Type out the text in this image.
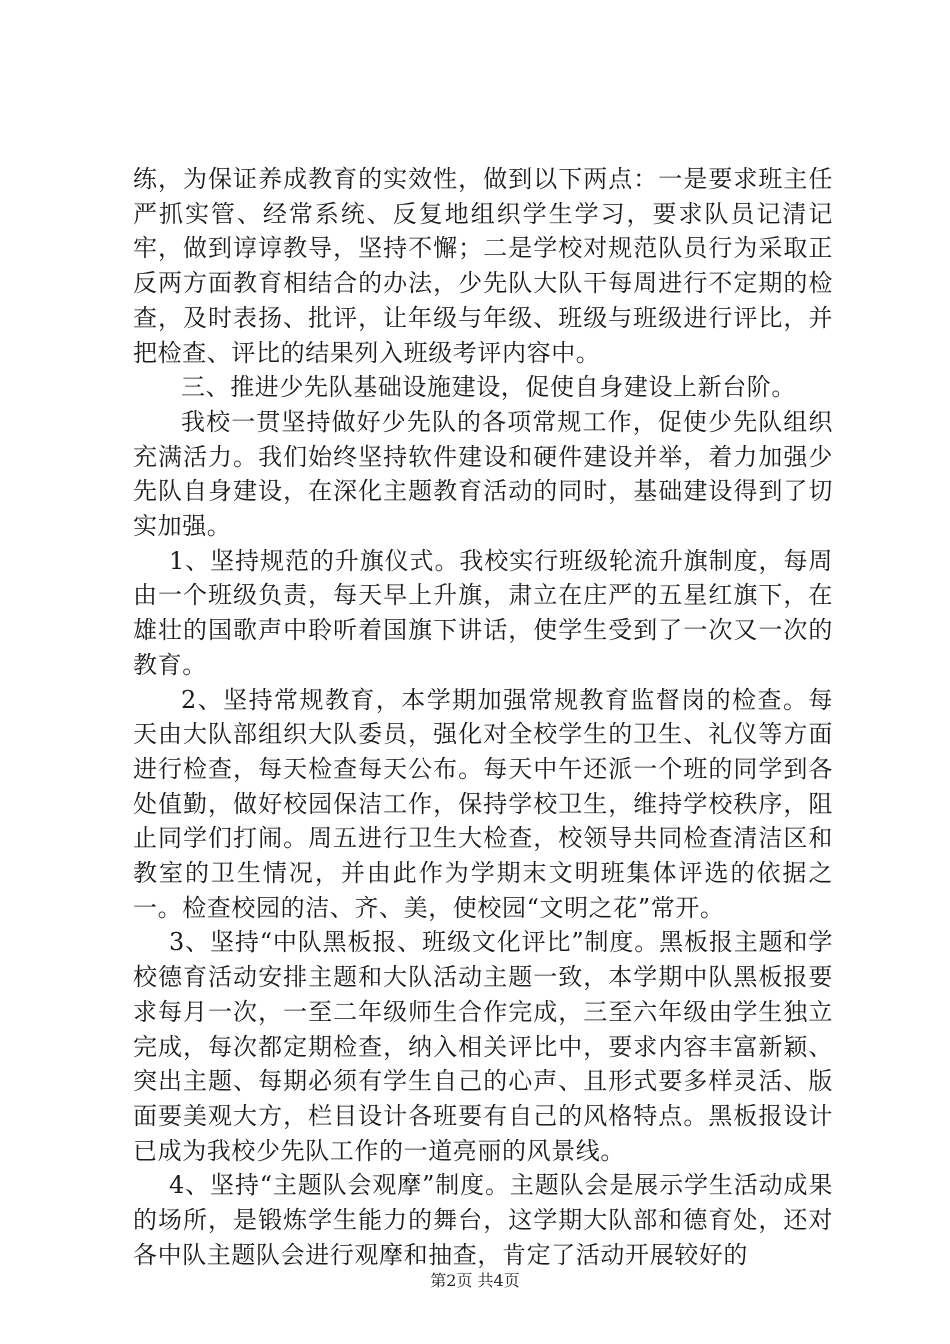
练，为保证养成教育的实效性，做到以下两点：一是要求班主任严抓实管、经常系统、反复地组织学生学习，要求队员记清记牢，做到谆谆教导，坚持不懈；二是学校对规范队员行为采取正反两方面教育相结合的办法，少先队大队干每周进行不定期的检查，及时表扬、批评，让年级与年级、班级与班级进行评比，并把检查、评比的结果列入班级考评内容中。

三、推进少先队基础设施建设，促使自身建设上新台阶。

我校一贯坚持做好少先队的各项常规工作，促使少先队组织充满活力。我们始终坚持软件建设和硬件建设并举，着力加强少先队自身建设，在深化主题教育活动的同时，基础建设得到了切实加强。

1、坚持规范的升旗仪式。我校实行班级轮流升旗制度，每周由一个班级负责，每天早上升旗，肃立在庄严的五星红旗下，在雄壮的国歌声中聆听着国旗下讲话，使学生受到了一次又一次的教育。

2、坚持常规教育，本学期加强常规教育监督岗的检查。每天由大队部组织大队委员，强化对全校学生的卫生、礼仪等方面进行检查，每天检查每天公布。每天中午还派一个班的同学到各处值勤，做好校园保洁工作，保持学校卫生，维持学校秩序，阻止同学们打闹。周五进行卫生大检查，校领导共同检查清洁区和教室的卫生情况，并由此作为学期末文明班集体评选的依据之一。检查校园的洁、齐、美，使校园“文明之花”常开。

3、坚持“中队黑板报、班级文化评比”制度。黑板报主题和学校德育活动安排主题和大队活动主题一致，本学期中队黑板报要求每月一次，一至二年级师生合作完成，三至六年级由学生独立完成，每次都定期检查，纳入相关评比中，要求内容丰富新颖、突出主题、每期必须有学生自己的心声、且形式要多样灵活、版面要美观大方，栏目设计各班要有自己的风格特点。黑板报设计已成为我校少先队工作的一道亮丽的风景线。

4、坚持“主题队会观摩”制度。主题队会是展示学生活动成果的场所，是锻炼学生能力的舞台，这学期大队部和德育处，还对各中队主题队会进行观摩和抽查，肯定了活动开展较好的

第2页 共4页
